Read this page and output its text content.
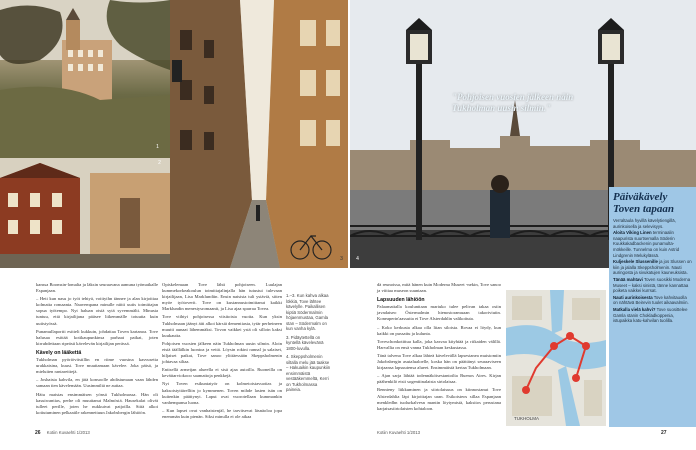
1
2
3	4
"Pohjoisen vuosien jälkeen näin Tukholman uusin silmin."

kanssa Boomsin-lomalta ja läksin seuraavana aamuna työmatkalle Espanjaan.

– Heti kun nasu jo työt tehtyä, voittyihn tännee ja alan kirjoittaa kolmatta romaania. Naavempana minulle niitti uutis toimittajan sopua työtempo. Nyt haluan otsiä sytä syvemmälti. Minusta tuntuu, että kirjailijana pääsee liikemmälle totuutta kuin uutistyössä.

Punamullaportti esitteli kukkuin, johdattaa Toven kartanoa. Tove halusaa esittää kotikaupunkinsa parhaat paikat, joten kirrubdettaan ripeästi kävelevän kirjailijan perässä.

Kävely on lääkettä

Tukholman pyöriövitstillin en riime vuosina kasvusetta urakkaisina, kuusi. Tove muuttamaan kävelee. Joka pätsä, ja mieluiten rantareittejä.

– Joshaista kahvila, en jätä konsoolle ahdistumaan vaan lähden samaan tien kävelemään. Uusimmiltä ne auttaa.

Häiu maistas ensimmäisen yönsä Tukholmassa. Hän oli kasuiwantias, perhe oli muuttanut Malmöstä. Hausekalat olivät tulleet perille, joten he nukkuivat patjoilla. Siitä alkoi kotiutuminen pelkaaiile rakennettuun Jakobsbergin lähiöön.

Opiskelemaan Tove lähti pohjoiseen. Luulajan kummekorkeakoulun toimittajalinjalla hän tutustui tulevaan kirjailijaan, Lisa Marklundiin. Ensin naisista tuli ystäviä, sitten myöe työtoverit. Tove on kustannustoimittanut kaikki Marklundin menestysromaanit, ja Lisa ajaa sparraa Tovea.

Tove viihtyi pohjoisessa viisitoista vuotta. Kun yksin Tukholmaan jäänyt äiti alkoi kärsiä dementiasta, tytär perheineen muutti aunaat lähemmäksi. Tovon vaikkei ystä oli silloin kaksi kuukautta.

Pohjoisen vuosien jälkeen näin Tukholman uusin silmin. Aloin etsiä täällälkin luontoa ja vettä. Löysin rokini rannal ja salaiset, hiljaiset paikat, Tove sanoo ylittäessään Skeppsholmenin johtavaa siltaa.

Entisellä armeijan alueella ei sisä ajaa autoilla. Ruoneilla on kevättarviokooo saamattoja penkkejä.

Nyt Toven esikuntatyör on kolmetoistavuotias ja kaksoistyttärelliin jo kymmenen. Toven mihde lasten isän on kuitenkin päättynyt. Laput ovat vuorotellaan kummankin vanhempansa luona.

– Kun lapset ovat vanhaistenjäl, he tarvitsevat läsnäoloa jopa enemmän kuin pienän. Siksi minulla ei ole aikaa

1.–3. Kun kahva alkaa lökkiä, Tove lähtee kävelylle. Paikallisen kiptiä Södermalmin höjaenmustaa, Gamla stan – Södermalm on kun vanha kylä.

3. Pidäytettellä on kyntellä kävelevänä 1800-luvulla.

4. Skeppsholmenin siltalla melu jää taakse – Hakuaikin kaupunkiin ensimmäistä vestääkemmeltä, Kerri on Tukholmassa paineia.

26 Kotiin Kuvaehti 1/2013

dä reunoissa, mitä hänen kuin Moderna Museet -nekin, Tove sanoo ja viittaa museon suuntaan.

Lapsuuden lähiöön

Palaamattalla koulunttaan mariuko tulee pelivan takaa osiin javadaiseo Östermalmin hienostoramuaan takoriviutin. Koneaperin'aassutta ei Tove Alsterdahlin valikoituta.

– Koko kerkusta alkaa olla liian siloista. Rovaa ei löydy, kun kaikki on pussattu ja kulunta.

Toveschonkotittua kalla, joka kasvaa kityhtää ja riikaiden välillä. Harvallia on ensä vanna Tukholman keskustassa.

Tänä talvena Tove alkaa lähteä kävelevällä lapsestanea muistomiin Jakobsbergin asutalualoelle, koska hän on päättänyt seuraaviseen kirjaansa lapsuutensa alueet. Ensimmäistä kertaa Tukholmaan.

– Ajan sarja lähtää todennäköisestantoilta Buenos Aires. Kirjan päähenkilö etsii sogentiinalaista sirtolaisaa.

Bennieny liikkuminen ja siirtolaisuus on kiinnostanut Tove Alsterdahlia läpi kirjoittajan uran. Esikoisteos sillaa Espanjaan menkledhn tuolurkalvesn mantin löytymistä, kaksitos perustana karjaisasiirtolaisten kohtaloon.

TUKHOLMA
Kotiin Kuvaehti 1/2013	27
Päiväkävely Toven tapaan

Verraltaula hyvillä kävelytiengillä, aurinkoisella ja selevisyys.

Aloita Viking Linen terminaalin naapurista suurtsemalla Söderin Kuukkakadbackenin punamulta-mökkeille. Tunnelma on kuin Astrid Lindgrenin Melukylässä.

Kuljeskele Slussenille ja jos Slussen on kiin ja jalalla Skeppsholmenin. Nauti auringosta ja sivukatujen kauneuksista.

Tänää mahtavi Toven suosikki Moderna Museet – kaksi sinistä, tänne kannattaa poiketa vaikkei kurrsat.

Nauti aurinkoisesta Tove kahvitauolla on nähtävä Beirevin tuulet aikaavalmiin.

Matkalla vielä kahvi? Tove suosittelee Gamla stanin Chokladkoppenia, istupaikka katu-kahvilan tuolilla.
